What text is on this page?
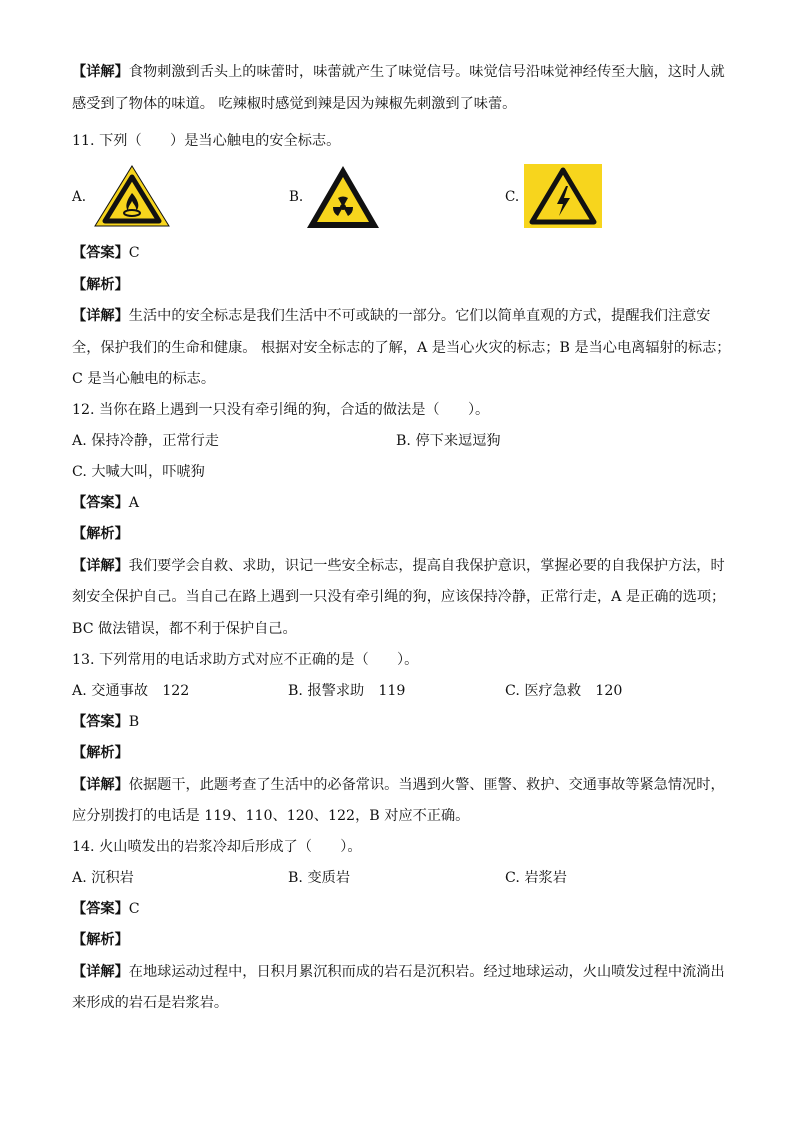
【详解】食物刺激到舌头上的味蕾时，味蕾就产生了味觉信号。味觉信号沿味觉神经传至大脑，这时人就
感受到了物体的味道。 吃辣椒时感觉到辣是因为辣椒先刺激到了味蕾。
11. 下列（　　）是当心触电的安全标志。
A.	B.	C.
【答案】C
【解析】
【详解】生活中的安全标志是我们生活中不可或缺的一部分。它们以简单直观的方式，提醒我们注意安
全，保护我们的生命和健康。 根据对安全标志的了解，A 是当心火灾的标志；B 是当心电离辐射的标志；
C 是当心触电的标志。
12. 当你在路上遇到一只没有牵引绳的狗，合适的做法是（　　）。
A. 保持冷静，正常行走	B. 停下来逗逗狗
C. 大喊大叫，吓唬狗
【答案】A
【解析】
【详解】我们要学会自救、求助，识记一些安全标志，提高自我保护意识，掌握必要的自我保护方法，时
刻安全保护自己。当自己在路上遇到一只没有牵引绳的狗，应该保持冷静，正常行走，A 是正确的选项；
BC 做法错误，都不利于保护自己。
13. 下列常用的电话求助方式对应不正确的是（　　）。
A. 交通事故　122	B. 报警求助　119	C. 医疗急救　120
【答案】B
【解析】
【详解】依据题干，此题考查了生活中的必备常识。当遇到火警、匪警、救护、交通事故等紧急情况时，
应分别拨打的电话是 119、110、120、122，B 对应不正确。
14. 火山喷发出的岩浆冷却后形成了（　　）。
A. 沉积岩	B. 变质岩	C. 岩浆岩
【答案】C
【解析】
【详解】在地球运动过程中，日积月累沉积而成的岩石是沉积岩。经过地球运动，火山喷发过程中流淌出
来形成的岩石是岩浆岩。
